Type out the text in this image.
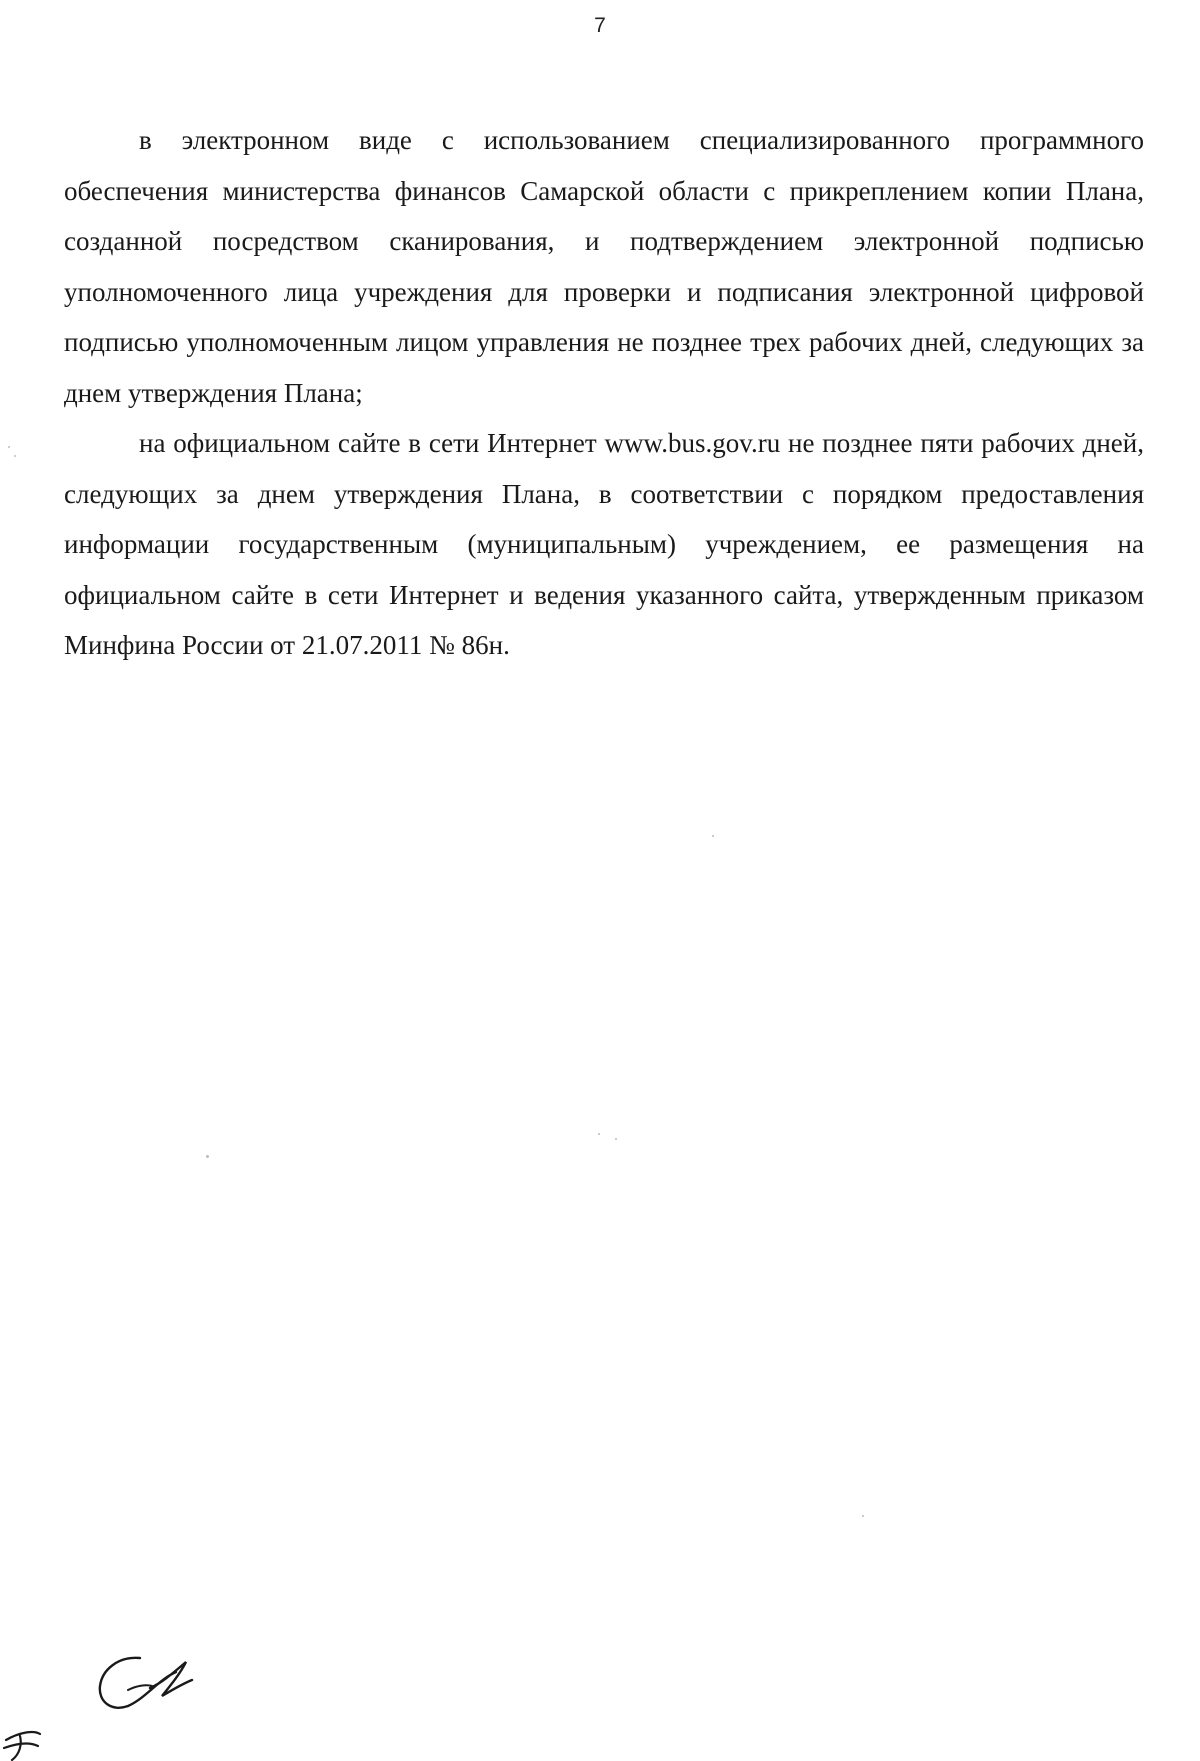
7

в электронном виде с использованием специализированного программного обеспечения министерства финансов Самарской области с прикреплением копии Плана, созданной посредством сканирования, и подтверждением электронной подписью уполномоченного лица учреждения для проверки и подписания электронной цифровой подписью уполномоченным лицом управления не позднее трех рабочих дней, следующих за днем утверждения Плана;

на официальном сайте в сети Интернет www.bus.gov.ru не позднее пяти рабочих дней, следующих за днем утверждения Плана, в соответствии с порядком предоставления информации государственным (муниципальным) учреждением, ее размещения на официальном сайте в сети Интернет и ведения указанного сайта, утвержденным приказом Минфина России от 21.07.2011 № 86н.
